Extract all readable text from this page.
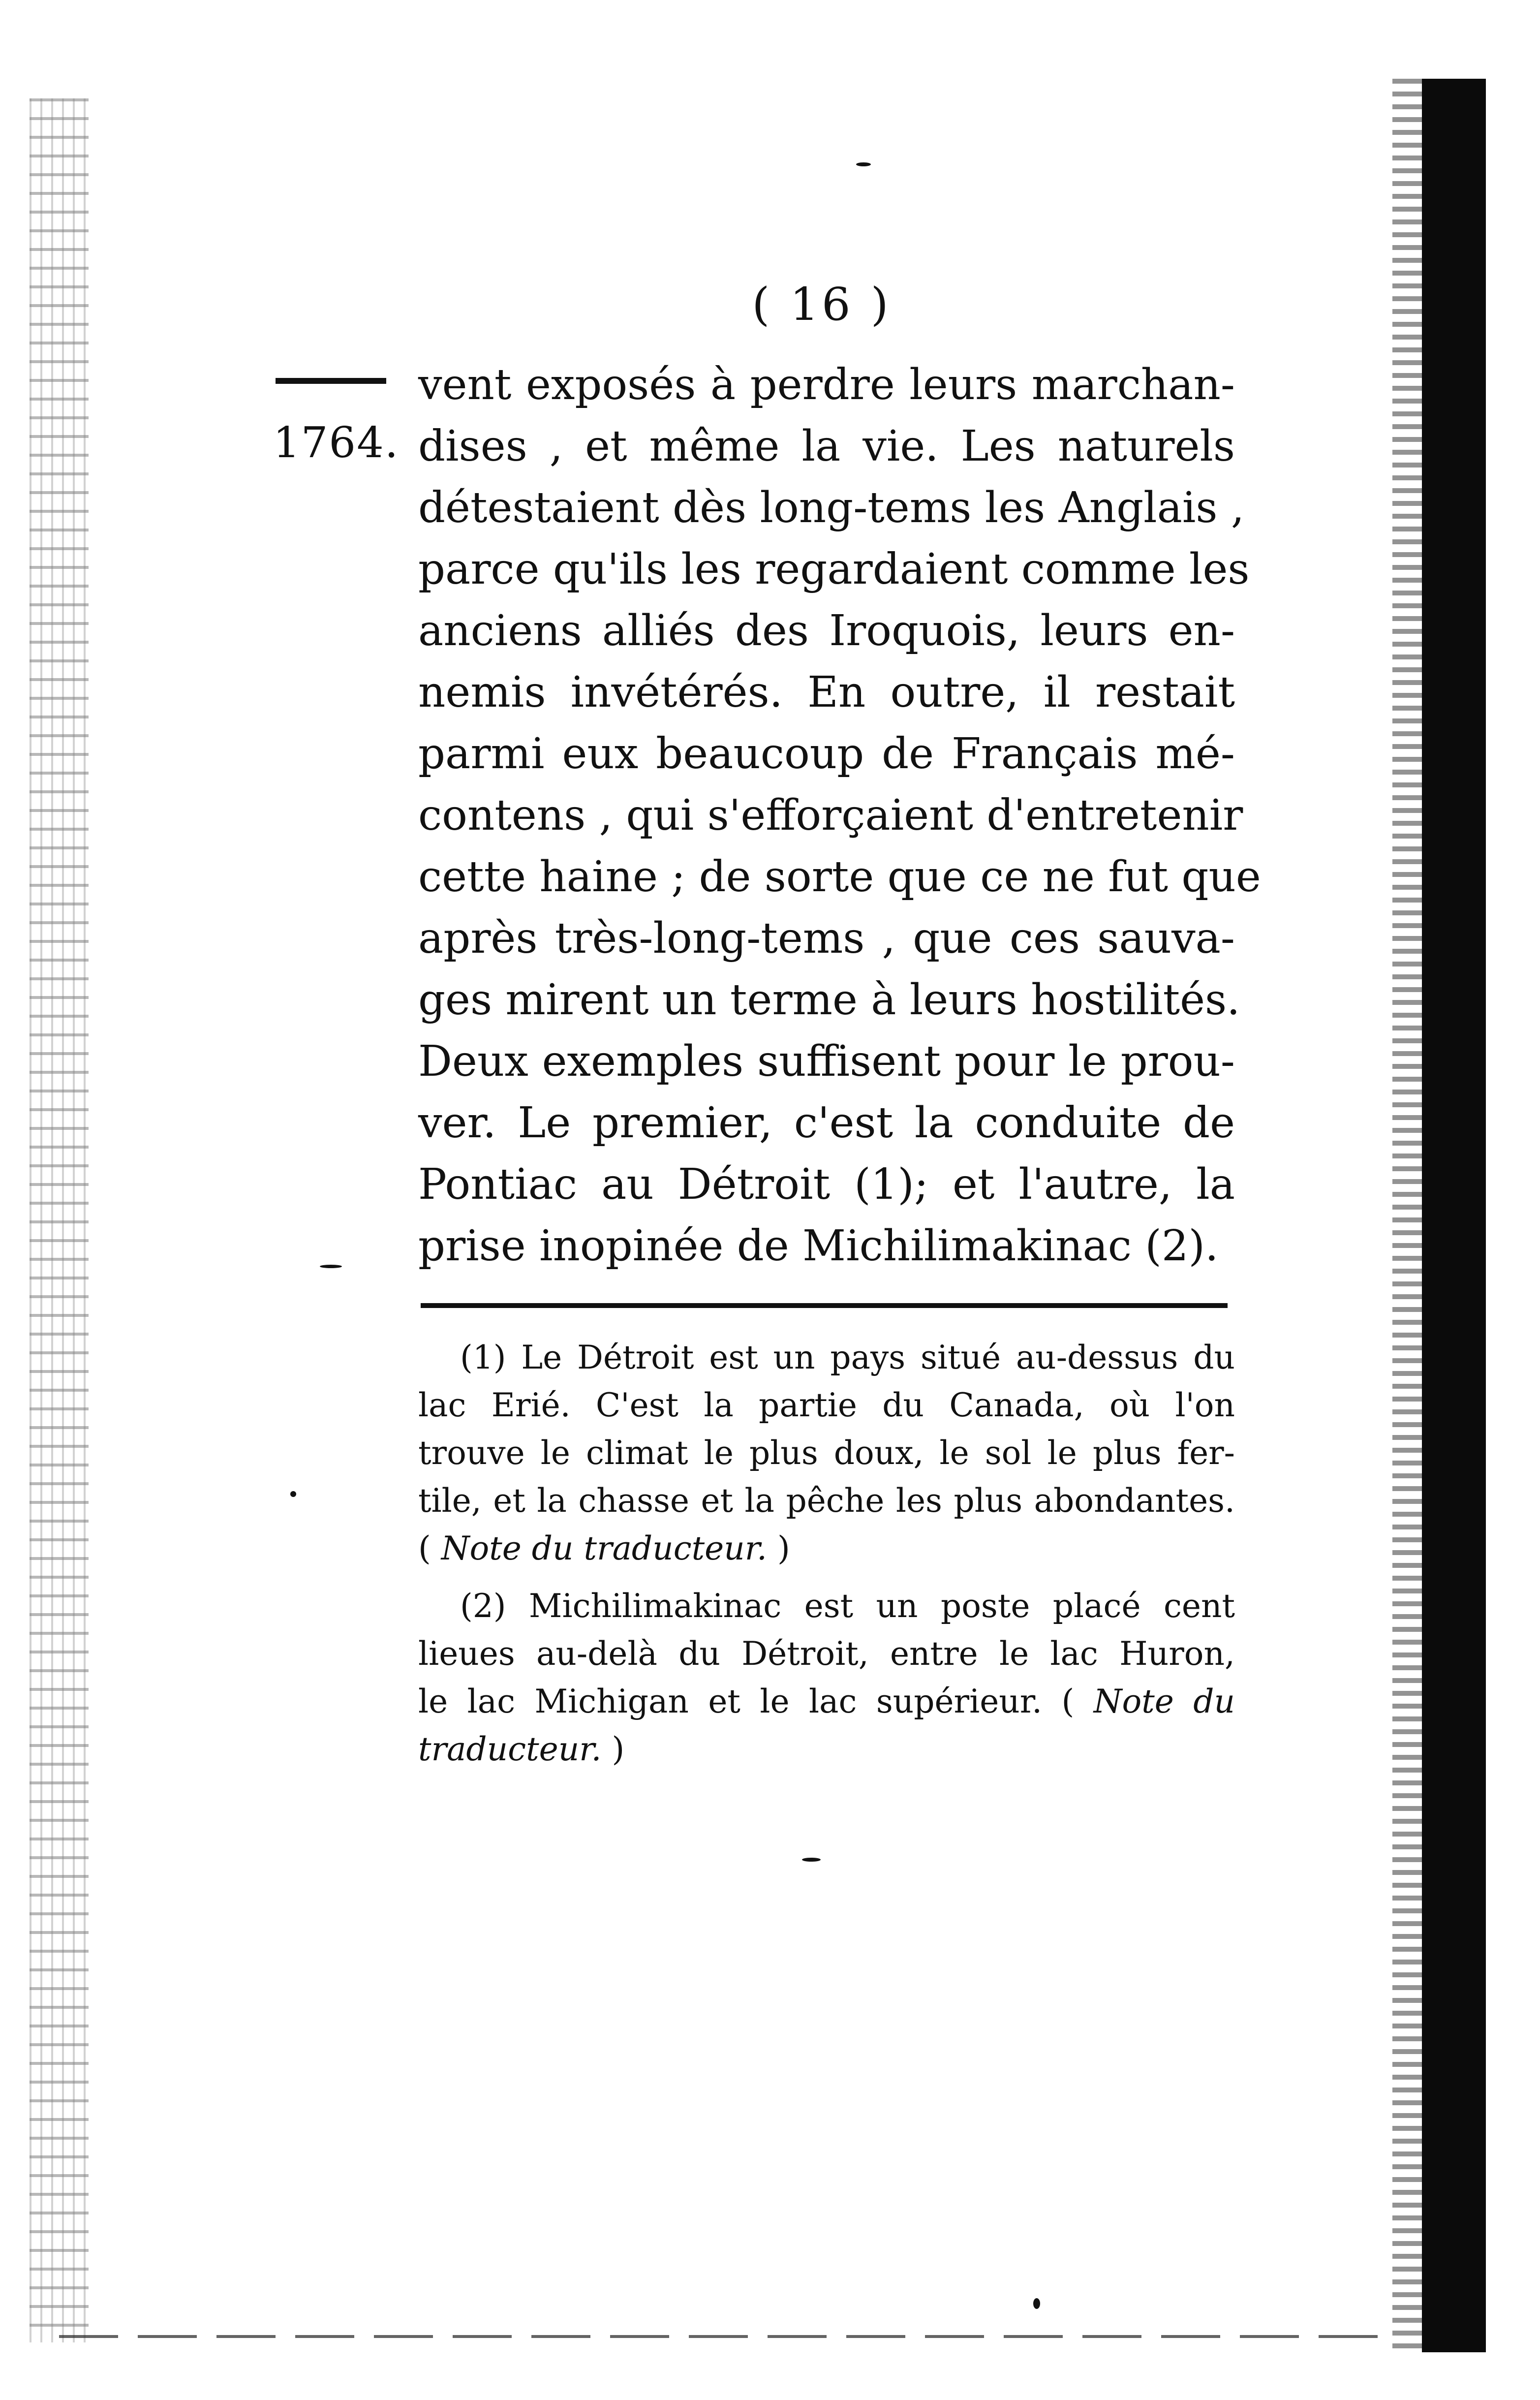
( 16 )
1764.
vent exposés à perdre leurs marchan-
dises , et même la vie. Les naturels
détestaient dès long-tems les Anglais ,
parce qu'ils les regardaient comme les
anciens alliés des Iroquois, leurs en-
nemis invétérés. En outre, il restait
parmi eux beaucoup de Français mé-
contens , qui s'efforçaient d'entretenir
cette haine ; de sorte que ce ne fut que
après très-long-tems , que ces sauva-
ges mirent un terme à leurs hostilités.
Deux exemples suffisent pour le prou-
ver. Le premier, c'est la conduite de
Pontiac au Détroit (1); et l'autre, la
prise inopinée de Michilimakinac (2).
(1) Le Détroit est un pays situé au-dessus du
lac Erié. C'est la partie du Canada, où l'on
trouve le climat le plus doux, le sol le plus fer-
tile, et la chasse et la pêche les plus abondantes.
( Note du traducteur. )
(2) Michilimakinac est un poste placé cent
lieues au-delà du Détroit, entre le lac Huron,
le lac Michigan et le lac supérieur. ( Note du
traducteur. )
